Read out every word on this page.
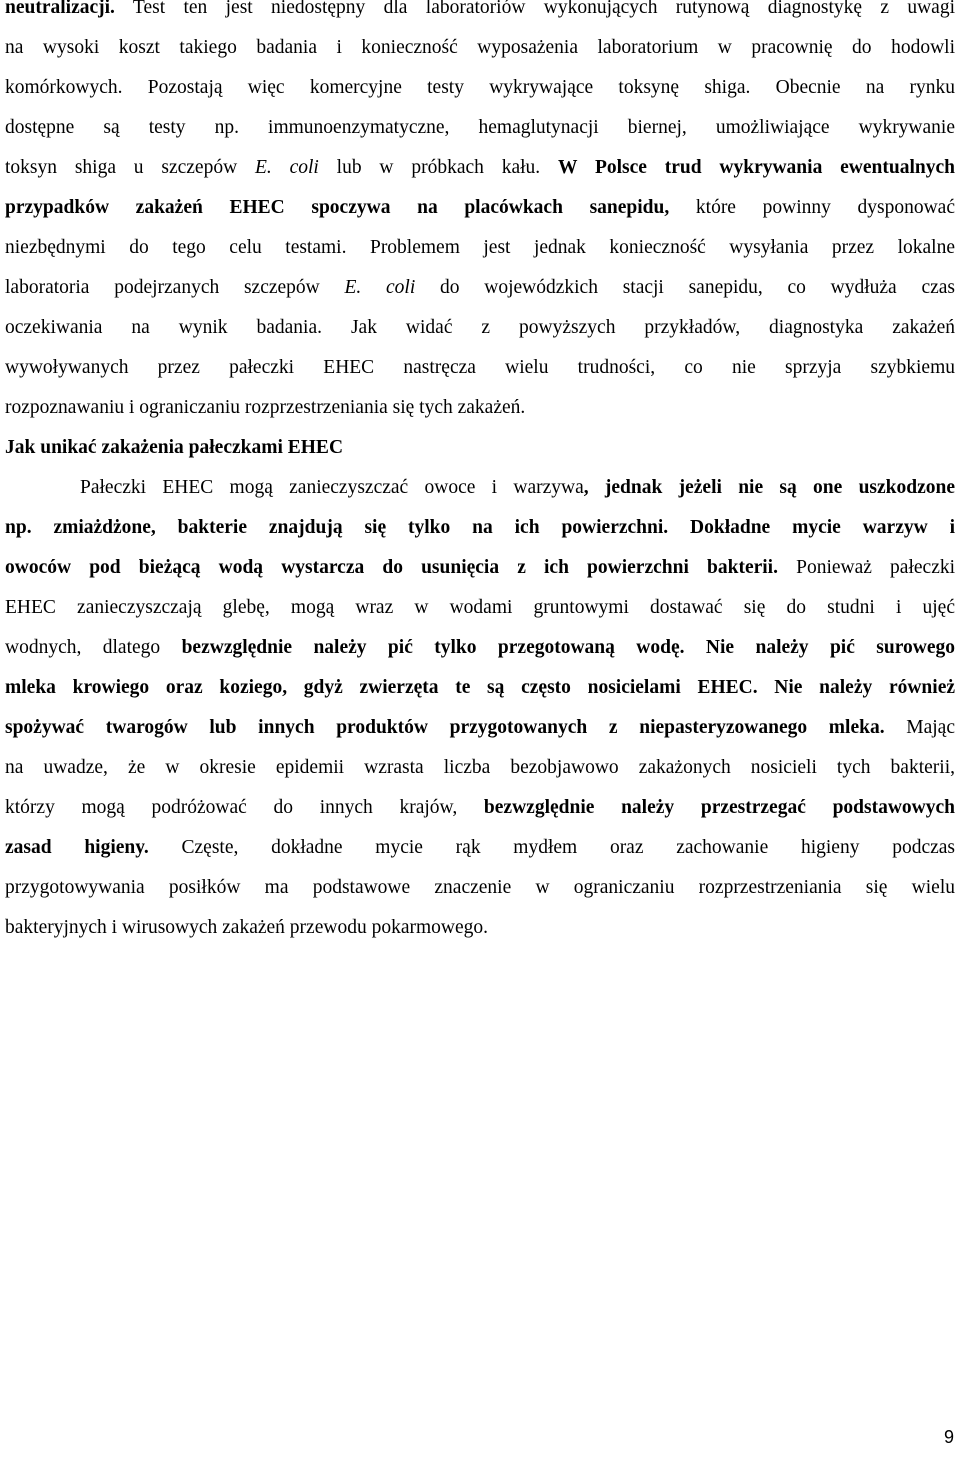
neutralizacji. Test ten jest niedostępny dla laboratoriów wykonujących rutynową diagnostykę z uwagi
na wysoki koszt takiego badania i konieczność wyposażenia laboratorium w pracownię do hodowli
komórkowych. Pozostają więc komercyjne testy wykrywające toksynę shiga. Obecnie na rynku
dostępne są testy np. immunoenzymatyczne, hemaglutynacji biernej, umożliwiające wykrywanie
toksyn shiga u szczepów E. coli lub w próbkach kału. W Polsce trud wykrywania ewentualnych
przypadków zakażeń EHEC spoczywa na placówkach sanepidu, które powinny dysponować
niezbędnymi do tego celu testami. Problemem jest jednak konieczność wysyłania przez lokalne
laboratoria podejrzanych szczepów E. coli do wojewódzkich stacji sanepidu, co wydłuża czas
oczekiwania na wynik badania. Jak widać z powyższych przykładów, diagnostyka zakażeń
wywoływanych przez pałeczki EHEC nastręcza wielu trudności, co nie sprzyja szybkiemu
rozpoznawaniu i ograniczaniu rozprzestrzeniania się tych zakażeń.
Jak unikać zakażenia pałeczkami EHEC
Pałeczki EHEC mogą zanieczyszczać owoce i warzywa, jednak jeżeli nie są one uszkodzone
np. zmiażdżone, bakterie znajdują się tylko na ich powierzchni. Dokładne mycie warzyw i
owoców pod bieżącą wodą wystarcza do usunięcia z ich powierzchni bakterii. Ponieważ pałeczki
EHEC zanieczyszczają glebę, mogą wraz w wodami gruntowymi dostawać się do studni i ujęć
wodnych, dlatego bezwzględnie należy pić tylko przegotowaną wodę. Nie należy pić surowego
mleka krowiego oraz koziego, gdyż zwierzęta te są często nosicielami EHEC. Nie należy również
spożywać twarogów lub innych produktów przygotowanych z niepasteryzowanego mleka. Mając
na uwadze, że w okresie epidemii wzrasta liczba bezobjawowo zakażonych nosicieli tych bakterii,
którzy mogą podróżować do innych krajów, bezwzględnie należy przestrzegać podstawowych
zasad higieny. Częste, dokładne mycie rąk mydłem oraz zachowanie higieny podczas
przygotowywania posiłków ma podstawowe znaczenie w ograniczaniu rozprzestrzeniania się wielu
bakteryjnych i wirusowych zakażeń przewodu pokarmowego.
9
